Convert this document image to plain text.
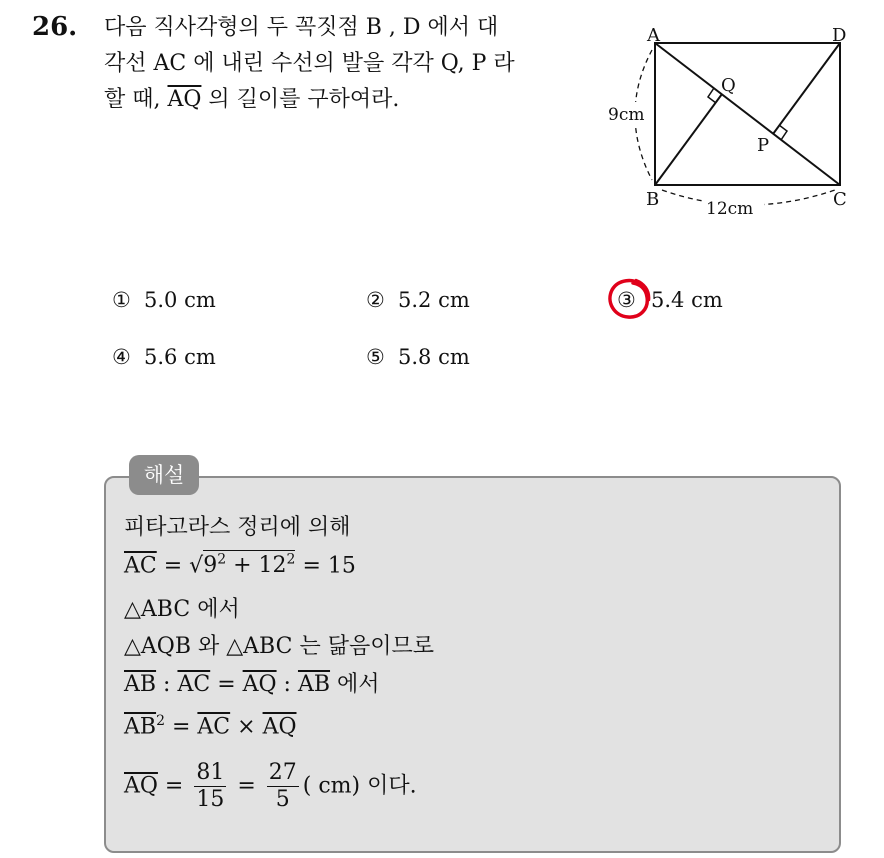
26. 다음 직사각형의 두 꼭짓점 B , D 에서 대
각선 AC 에 내린 수선의 발을 각각 Q, P 라
할 때, $\overline{AQ}$ 의 길이를 구하여라.
A	D
B	C
Q
P
9cm
12cm
① 5.0 cm	② 5.2 cm	③ 5.4 cm
④ 5.6 cm	⑤ 5.8 cm
해설
피타고라스 정리에 의해
$\overline{AC} = √9^2 + 12^2 = 15$
△ABC 에서
△AQB 와 △ABC 는 닮음이므로
$\overline{AB}$ : $\overline{AC} = \overline{AQ}$ : $\overline{AB}$ 에서
$\overline{AB}^2 = \overline{AC} \times \overline{AQ}$
$\overline{AQ} = \frac{81}{15} = \frac{27}{5}$ ( cm) 이다.
